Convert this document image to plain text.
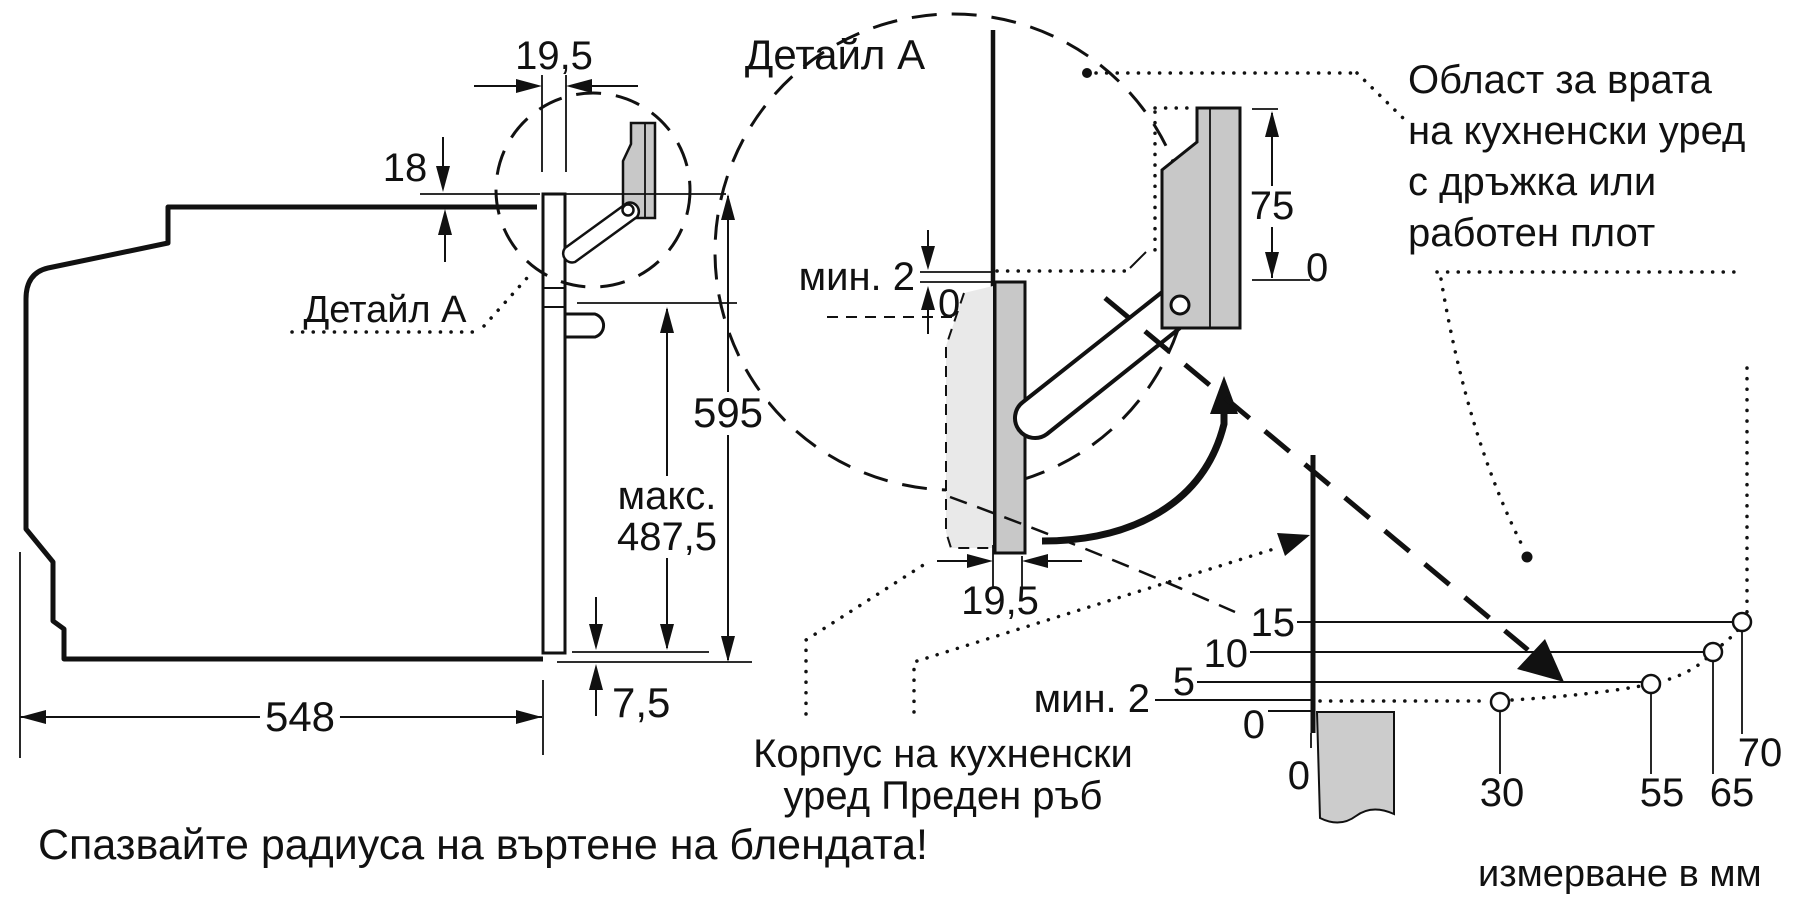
19,5
18
Детайл A
595
макс.
487,5
548	7,5
Детайл A
мин. 2
0
75
0
19,5
Област за врата
на кухненски уред
с дръжка или
работен плот
Корпус на кухненски
уред Преден ръб
15
10
5
мин. 2
0
0	30	55 65
70
измерване в мм
Спазвайте радиуса на въртене на блендата!
